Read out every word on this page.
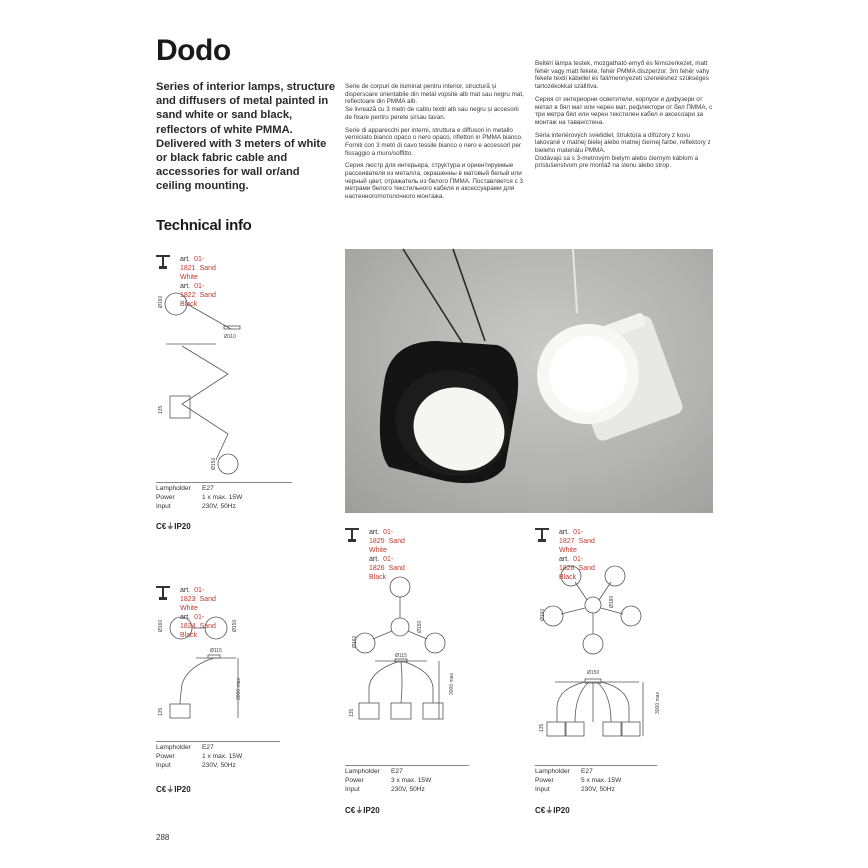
Dodo
Series of interior lamps, structure and diffusers of metal painted in sand white or sand black, reflectors of white PMMA. Delivered with 3 meters of white or black fabric cable and accessories for wall or/and ceiling mounting.

Serie de corpuri de iluminat pentru interior, structură și dispersoare orientabile din metal vopsite alb mat sau negru mat, reflectoare din PMMA alb.
Se livrează cu 3 metri de cablu textil alb sau negru și accesorii de fixare pentru perete și/sau tavan.

Serie di apparecchi per interni, struttura e diffusori in metallo verniciato bianco opaco o nero opaco, riflettori in PMMA bianco.
Forniti con 3 metri di cavo tessile bianco o nero e accessori per fissaggio a muro/soffitto.

Серия люстр для интерьера, структура и ориентируемые рассеиватели из металла, окрашенны в матовый белый или черный цвет, отражатель из белого ПММА. Поставляется с 3 метрами белого текстильного кабеля и аксессуарами для настенного/потолочного монтажа.

Beltéri lámpa testek, mozgatható ernyő és fémszerkezet, matt fehér vagy matt fekete, fehér PMMA diszperzor. 3m fehér vahy fekete textil kábellel és fali/mennyezeti szereléshez szükséges tartozékokkal szállítva.

Серия от интериорни осветители, корпуси и дифузери от метал в бял мат или черен мат, рефлектори от бял ПММА, с три метра бял или черен текстилен кабел и аксесоари за монтаж на таван/стена.

Séria interiérových svietidiel, štruktúra a difúzory z kovu lakované v matnej bielej alebo matnej čiernej farbe, reflektory z bieleho materiálu PMMA.
Dodávajú sa s 3-metrovým bielym alebo čiernym káblom a príslušenstvom pre montáž na stenu alebo strop.

Technical info
art. 01-1821 Sand White
art. 01-1822 Sand Black
Ø160
Ø110
135
Ø150
Lampholder	E27
Power	1 x max. 15W
Input	230V, 50Hz
C€⏚IP20
art. 01-1823 Sand White
art. 01-1824 Sand Black
Ø160	Ø150
Ø115
3000 max
135
Lampholder	E27
Power	1 x max. 15W
Input	230V, 50Hz
C€⏚IP20
art. 01-1825 Sand White
art. 01-1826 Sand Black
Ø160
Ø150
Ø115
3000 max
135
Lampholder	E27
Power	3 x max. 15W
Input	230V, 50Hz
C€⏚IP20
art. 01-1827 Sand White
art. 01-1828 Sand Black
Ø160
Ø180
Ø150
3000 max
135
Lampholder	E27
Power	5 x max. 15W
Input	230V, 50Hz
C€⏚IP20
288
